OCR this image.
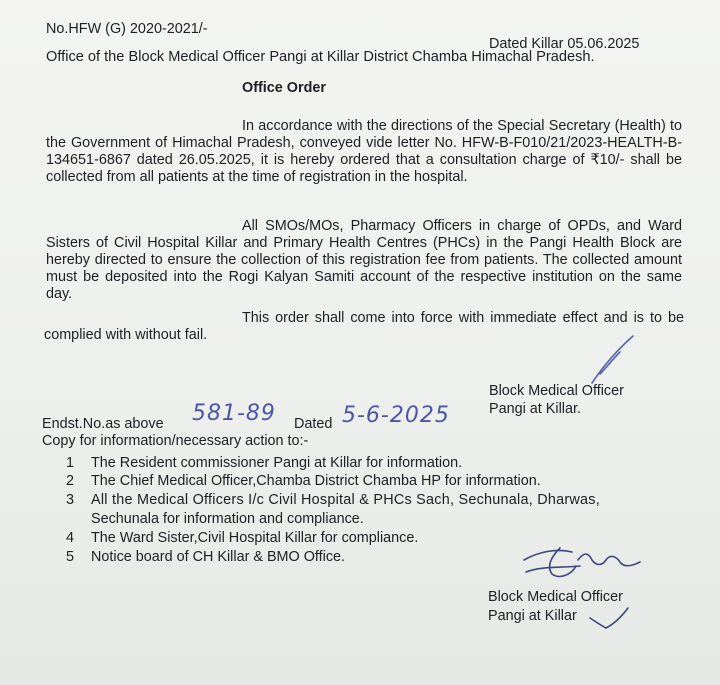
No.HFW (G) 2020-2021/-
Dated Killar 05.06.2025
Office of the Block Medical Officer Pangi at Killar District Chamba Himachal Pradesh.
Office Order
In accordance with the directions of the Special Secretary (Health) to the Government of Himachal Pradesh, conveyed vide letter No. HFW-B-F010/21/2023-HEALTH-B-134651-6867 dated 26.05.2025, it is hereby ordered that a consultation charge of ₹10/- shall be collected from all patients at the time of registration in the hospital.
All SMOs/MOs, Pharmacy Officers in charge of OPDs, and Ward Sisters of Civil Hospital Killar and Primary Health Centres (PHCs) in the Pangi Health Block are hereby directed to ensure the collection of this registration fee from patients. The collected amount must be deposited into the Rogi Kalyan Samiti account of the respective institution on the same day.
This order shall come into force with immediate effect and is to be complied with without fail.
Block Medical Officer
Pangi at Killar.
Endst.No.as above 581-89 Dated 5-6-2025
Copy for information/necessary action to:-
1 The Resident commissioner Pangi at Killar for information.
2 The Chief Medical Officer,Chamba District Chamba HP for information.
3 All the Medical Officers I/c Civil Hospital & PHCs Sach, Sechunala, Dharwas,
Sechunala for information and compliance.
4 The Ward Sister,Civil Hospital Killar for compliance.
5 Notice board of CH Killar & BMO Office.
Block Medical Officer
Pangi at Killar
